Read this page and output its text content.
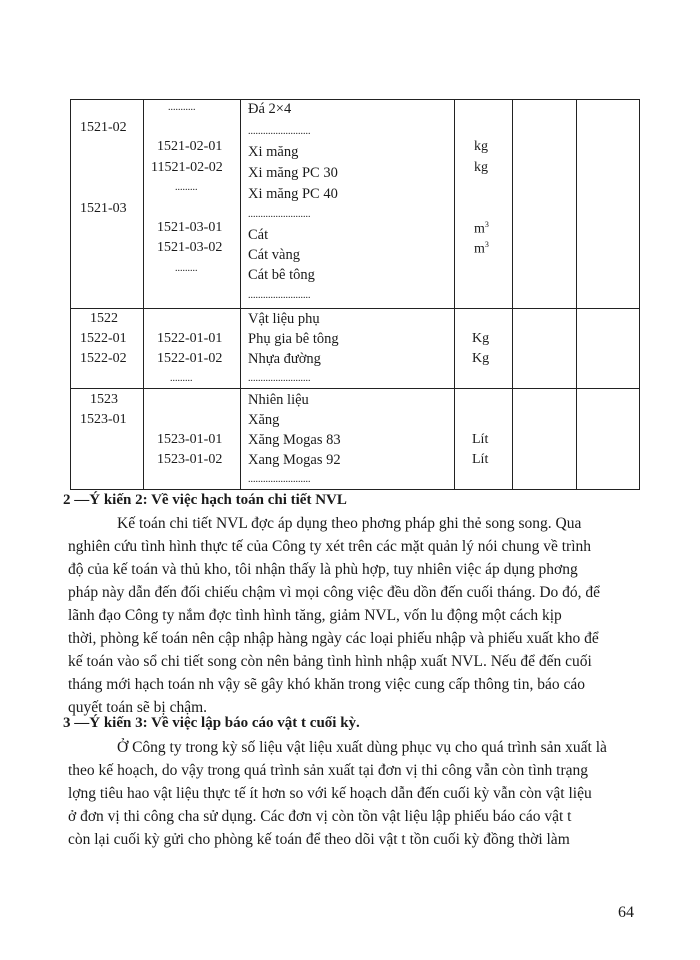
...........
1521-02
1521-02-01
11521-02-02
.........
1521-03
1521-03-01
1521-03-02
.........
Đá 2×4
.........................
Xi măng
Xi măng PC 30
Xi măng PC 40
.........................
Cát
Cát vàng
Cát bê tông
.........................
kg
kg
$m^3$
$m^3$
1522
1522-01
1522-02
1522-01-01
1522-01-02
.........
Vật liệu phụ
Phụ gia bê tông
Nhựa đường
.........................
Kg
Kg
1523
1523-01
1523-01-01
1523-01-02
Nhiên liệu
Xăng
Xăng Mogas 83
Xang Mogas 92
.........................
Lít
Lít
2 —Ý kiến 2: Về việc hạch toán chi tiết NVL
Kế toán chi tiết NVL đợc áp dụng theo phơng pháp ghi thẻ song song. Qua
nghiên cứu tình hình thực tế của Công ty xét trên các mặt quản lý nói chung về trình
độ của kế toán và thủ kho, tôi nhận thấy là phù hợp, tuy nhiên việc áp dụng phơng
pháp này dẫn đến đối chiếu chậm vì mọi công việc đều dồn đến cuối tháng. Do đó, để
lãnh đạo Công ty nắm đợc tình hình tăng, giảm NVL, vốn lu động một cách kịp
thời, phòng kế toán nên cập nhập hàng ngày các loại phiếu nhập và phiếu xuất kho để
kế toán vào sổ chi tiết song còn nên bảng tình hình nhập xuất NVL. Nếu để đến cuối
tháng mới hạch toán nh vậy sẽ gây khó khăn trong việc cung cấp thông tin, báo cáo
quyết toán sẽ bị chậm.
3 —Ý kiến 3: Về việc lập báo cáo vật t cuối kỳ.
Ở Công ty trong kỳ số liệu vật liệu xuất dùng phục vụ cho quá trình sản xuất là
theo kế hoạch, do vậy trong quá trình sản xuất tại đơn vị thi công vẫn còn tình trạng
lợng tiêu hao vật liệu thực tế ít hơn so với kế hoạch dẫn đến cuối kỳ vẫn còn vật liệu
ở đơn vị thi công cha sử dụng. Các đơn vị còn tồn vật liệu lập phiếu báo cáo vật t
còn lại cuối kỳ gửi cho phòng kế toán để theo dõi vật t tồn cuối kỳ đồng thời làm
64
